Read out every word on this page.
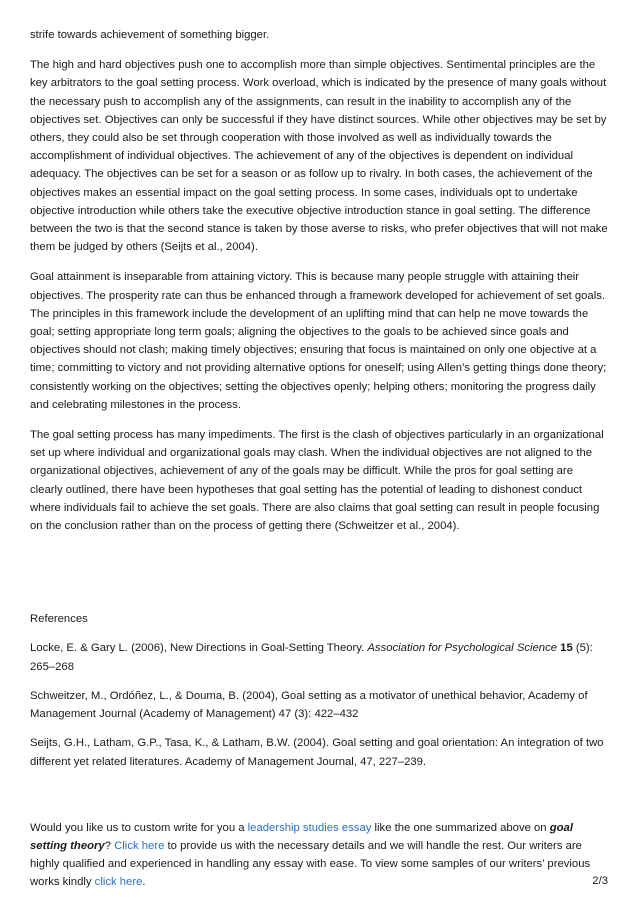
strife towards achievement of something bigger.

The high and hard objectives push one to accomplish more than simple objectives. Sentimental principles are the key arbitrators to the goal setting process. Work overload, which is indicated by the presence of many goals without the necessary push to accomplish any of the assignments, can result in the inability to accomplish any of the objectives set. Objectives can only be successful if they have distinct sources. While other objectives may be set by others, they could also be set through cooperation with those involved as well as individually towards the accomplishment of individual objectives. The achievement of any of the objectives is dependent on individual adequacy. The objectives can be set for a season or as follow up to rivalry. In both cases, the achievement of the objectives makes an essential impact on the goal setting process. In some cases, individuals opt to undertake objective introduction while others take the executive objective introduction stance in goal setting. The difference between the two is that the second stance is taken by those averse to risks, who prefer objectives that will not make them be judged by others (Seijts et al., 2004).

Goal attainment is inseparable from attaining victory. This is because many people struggle with attaining their objectives. The prosperity rate can thus be enhanced through a framework developed for achievement of set goals. The principles in this framework include the development of an uplifting mind that can help ne move towards the goal; setting appropriate long term goals; aligning the objectives to the goals to be achieved since goals and objectives should not clash; making timely objectives; ensuring that focus is maintained on only one objective at a time; committing to victory and not providing alternative options for oneself; using Allen’s getting things done theory; consistently working on the objectives; setting the objectives openly; helping others; monitoring the progress daily and celebrating milestones in the process.

The goal setting process has many impediments. The first is the clash of objectives particularly in an organizational set up where individual and organizational goals may clash. When the individual objectives are not aligned to the organizational objectives, achievement of any of the goals may be difficult. While the pros for goal setting are clearly outlined, there have been hypotheses that goal setting has the potential of leading to dishonest conduct where individuals fail to achieve the set goals. There are also claims that goal setting can result in people focusing on the conclusion rather than on the process of getting there (Schweitzer et al., 2004).

References

Locke, E. & Gary L. (2006), New Directions in Goal-Setting Theory. Association for Psychological Science 15 (5): 265–268

Schweitzer, M., Ordóñez, L., & Douma, B. (2004), Goal setting as a motivator of unethical behavior, Academy of Management Journal (Academy of Management) 47 (3): 422–432

Seijts, G.H., Latham, G.P., Tasa, K., & Latham, B.W. (2004). Goal setting and goal orientation: An integration of two different yet related literatures. Academy of Management Journal, 47, 227–239.

Would you like us to custom write for you a leadership studies essay like the one summarized above on goal setting theory? Click here to provide us with the necessary details and we will handle the rest. Our writers are highly qualified and experienced in handling any essay with ease. To view some samples of our writers’ previous works kindly click here.	2/3
